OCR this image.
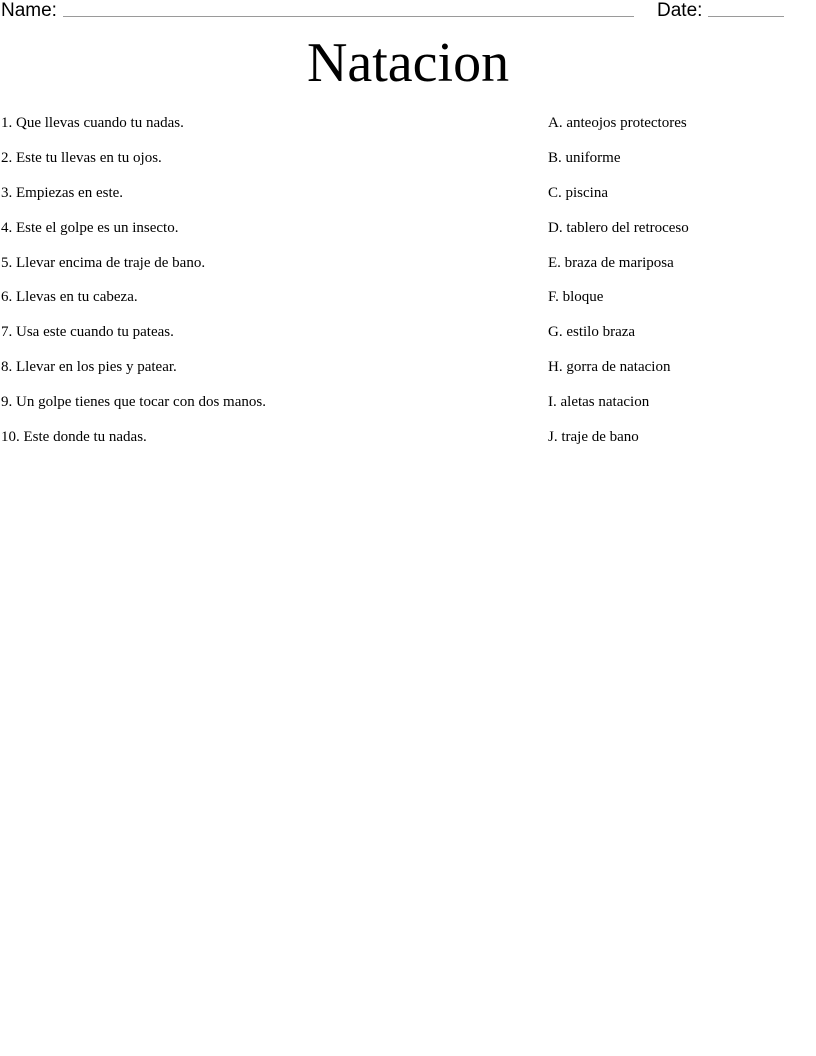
Name:	Date:
Natacion
1. Que llevas cuando tu nadas.
2. Este tu llevas en tu ojos.
3. Empiezas en este.
4. Este el golpe es un insecto.
5. Llevar encima de traje de bano.
6. Llevas en tu cabeza.
7. Usa este cuando tu pateas.
8. Llevar en los pies y patear.
9. Un golpe tienes que tocar con dos manos.
10. Este donde tu nadas.
A. anteojos protectores
B. uniforme
C. piscina
D. tablero del retroceso
E. braza de mariposa
F. bloque
G. estilo braza
H. gorra de natacion
I. aletas natacion
J. traje de bano
